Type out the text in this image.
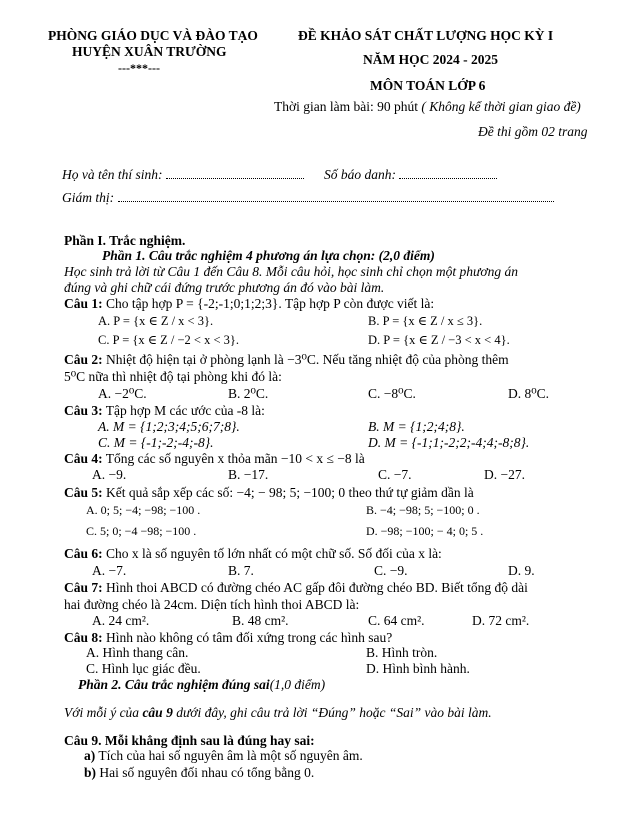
PHÒNG GIÁO DỤC VÀ ĐÀO TẠO
HUYỆN XUÂN TRƯỜNG
---***---
ĐỀ KHẢO SÁT CHẤT LƯỢNG HỌC KỲ I
NĂM HỌC 2024 - 2025
MÔN TOÁN LỚP 6
Thời gian làm bài: 90 phút ( Không kể thời gian giao đề)
Đề thi gồm 02 trang
Họ và tên thí sinh:	Số báo danh:
Giám thị:
Phần I. Trắc nghiệm.
Phần 1. Câu trắc nghiệm 4 phương án lựa chọn: (2,0 điểm)
Học sinh trả lời từ Câu 1 đến Câu 8. Mỗi câu hỏi, học sinh chỉ chọn một phương án
đúng và ghi chữ cái đứng trước phương án đó vào bài làm.
Câu 1: Cho tập hợp P = {-2;-1;0;1;2;3}. Tập hợp P còn được viết là:
A. P = {x ∈ Z / x < 3}.	B. P = {x ∈ Z / x ≤ 3}.
C. P = {x ∈ Z / −2 < x < 3}.	D. P = {x ∈ Z / −3 < x < 4}.
Câu 2: Nhiệt độ hiện tại ở phòng lạnh là −3⁰C. Nếu tăng nhiệt độ của phòng thêm
5⁰C nữa thì nhiệt độ tại phòng khi đó là:
A. −2⁰C.	B. 2⁰C.	C. −8⁰C.	D. 8⁰C.
Câu 3: Tập hợp M các ước của -8 là:
A. M = {1;2;3;4;5;6;7;8}.	B. M = {1;2;4;8}.
C. M = {-1;-2;-4;-8}.	D. M = {-1;1;-2;2;-4;4;-8;8}.
Câu 4: Tổng các số nguyên x thỏa mãn −10 < x ≤ −8 là
A. −9.	B. −17.	C. −7.	D. −27.
Câu 5: Kết quả sắp xếp các số: −4; − 98; 5; −100; 0 theo thứ tự giảm dần là
A. 0; 5; −4; −98; −100 .	B. −4; −98; 5; −100; 0 .
C. 5; 0; −4 −98; −100 .	D. −98; −100; − 4; 0; 5 .
Câu 6: Cho x là số nguyên tố lớn nhất có một chữ số. Số đối của x là:
A. −7.	B. 7.	C. −9.	D. 9.
Câu 7: Hình thoi ABCD có đường chéo AC gấp đôi đường chéo BD. Biết tổng độ dài
hai đường chéo là 24cm. Diện tích hình thoi ABCD là:
A. 24 cm².	B. 48 cm².	C. 64 cm².	D. 72 cm².
Câu 8: Hình nào không có tâm đối xứng trong các hình sau?
A. Hình thang cân.	B. Hình tròn.
C. Hình lục giác đều.	D. Hình bình hành.
Phần 2. Câu trắc nghiệm đúng sai(1,0 điểm)
Với mỗi ý của câu 9 dưới đây, ghi câu trả lời “Đúng” hoặc “Sai” vào bài làm.
Câu 9. Mỗi khẳng định sau là đúng hay sai:
a) Tích của hai số nguyên âm là một số nguyên âm.
b) Hai số nguyên đối nhau có tổng bằng 0.
